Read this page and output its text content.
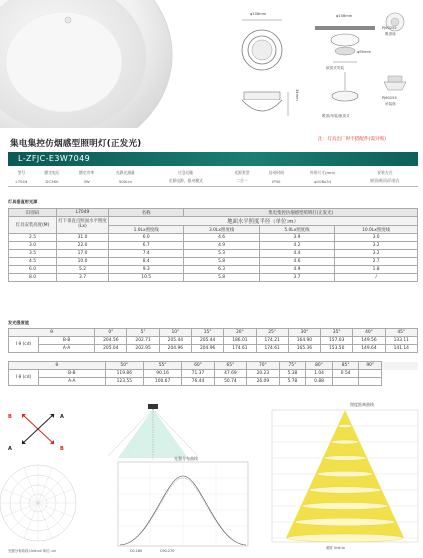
φ108mm
34mm
φ108mm
φ95mm
嵌顶式安装
吸顶/吊装/嵌顶式
PJ60252
吸顶座
PJ60253
吊装座
注：灯具出厂时不搭配件(需另购)
集电集控仿烟感型照明灯(正发光)
L-ZFJC-E3W7049
型号	额定电压	额定功率	光源光通量	应急功能	光源类型	启动时间	外形尺寸(mm)	安装方式
L7049	DC36V	3W	500Lm	光源电源，驱动模式	二合一	IP30	φ108x34	嵌顶/吸顶/吊装式
灯具垂直射光源
识别码	L7049	名称	集电集控仿烟感型照明灯(正发光)		
灯具安装高度(M)	灯下垂直点照面水平照度(Lx)	地面水平照度半径（单位:m）			
		1.0Lx照度线	3.0Lx照度线	5.0Lx照度线	10.0Lx照度线
2.5	31.0	6.0	4.6	3.9	3.0
3.0	22.0	6.7	4.9	4.2	3.2
3.5	17.0	7.4	5.3	4.4	3.2
4.5	10.0	8.4	5.8	4.6	2.7
6.0	5.2	9.3	6.3	4.9	1.8
8.0	3.7	10.5	5.8	3.7	/
发光强度值
θ		0°	5°	10°	15°	20°	25°	30°	35°	40°	45°
I θ (cd)	B-B	204.56	202.71	205.44	205.44	186.01	174.21	164.90	157.03	149.56	133.11
	A-A	205.04	202.95	204.96	204.96	174.61	174.61	165.36	153.50	149.64	141.14
θ		50°	55°	60°	65°	70°	75°	80°	85°	90°	
I θ (cd)	B-B	119.86	90.16	71.37	47.69	20.23	5.38	1.04	0.54		
	A-A	123.55	100.67	76.44	50.74	26.09	5.78	0.88			
B	A
A	B
光强分布曲线 Unit:cd 单位: cd
光强分布曲线
C0-180	C90-270
照度距离曲线
照度 Unit:lx
